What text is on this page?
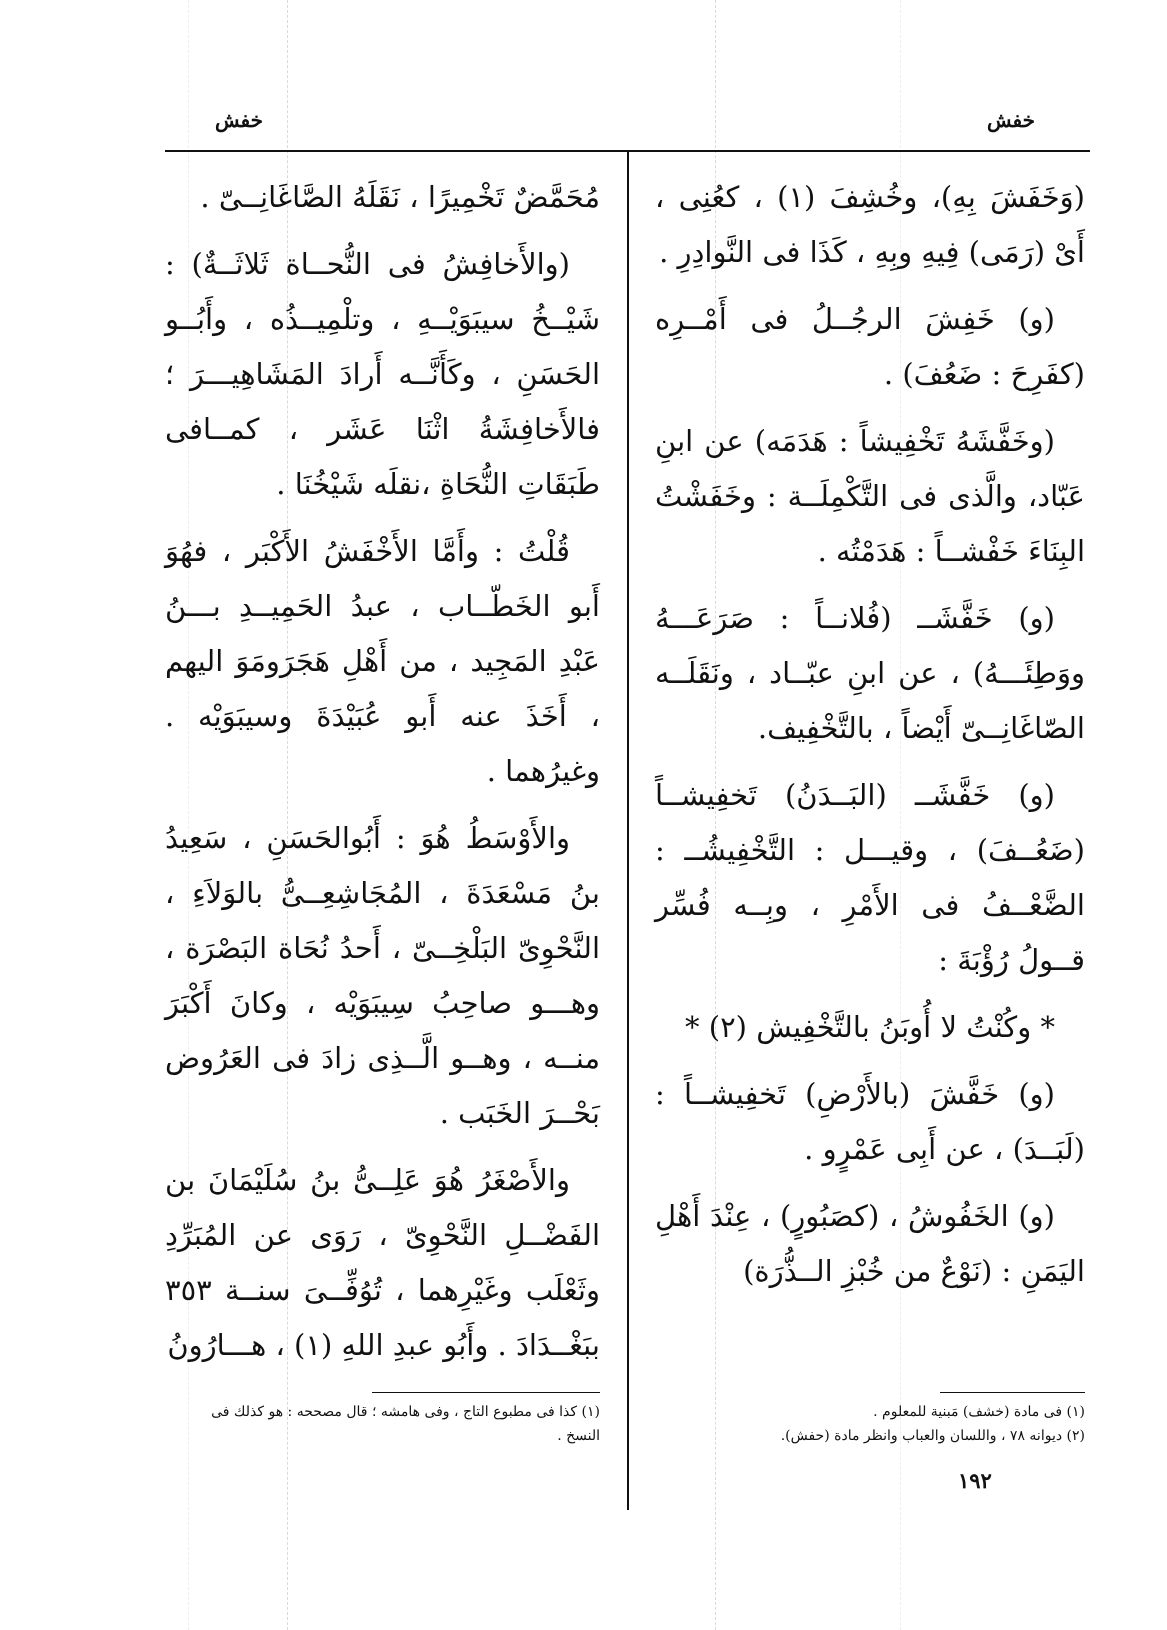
خفش
خفش

(وَخَفَشَ بِهِ)، وخُشِفَ (١) ، كعُنِى ، أَىْ (رَمَى) فِيهِ وبِهِ ، كَذَا فى النَّوادِرِ .

(و) خَفِشَ الرجُــلُ فى أَمْــرِه (كفَرِحَ : ضَعُفَ) .

(وخَفَّشَهُ تَخْفِيشاً : هَدَمَه) عن ابنِ عَبّاد، والَّذى فى التَّكْمِلَــة : وخَفَشْتُ البِنَاءَ خَفْشــاً : هَدَمْتُه .

(و) خَفَّشَــ (فُلانــاً : صَرَعَـــهُ ووَطِئَـــهُ) ، عن ابنِ عبّــاد ، ونَقَلَــه الصّاغَانِــىّ أَيْضاً ، بالتَّخْفِيف.

(و) خَفَّشَــ (البَــدَنُ) تَخفِيشــاً (ضَعُــفَ) ، وقيـــل : التَّخْفِيشُــ : الضَّعْــفُ فى الأَمْرِ ، وبِــه فُسِّر قــولُ رُؤْبَةَ :

* وكُنْتُ لا أُوبَنُ بالتَّخْفِيش (٢) *

(و) خَفَّشَ (بالأَرْضِ) تَخفِيشــاً : (لَبَــدَ) ، عن أَبِى عَمْرٍو .

(و) الخَفُوشُ ، (كصَبُورٍ) ، عِنْدَ أَهْلِ اليَمَنِ : (نَوْعٌ من خُبْزِ الــذُّرَة)

مُحَمَّضٌ تَخْمِيرًا ، نَقَلَهُ الصَّاغَانِــىّ .

(والأَخافِشُ فى النُّحــاة ثَلاثَــةٌ) : شَيْــخُ سيبَوَيْــهِ ، وتلْمِيــذُه ، وأَبُــو الحَسَنِ ، وكَأَنَّــه أَرادَ المَشَاهِيـــرَ ؛ فالأَخافِشَةُ اثْنَا عَشَر ، كمــافى طَبَقَاتِ النُّحَاةِ ،نقلَه شَيْخُنَا .

قُلْتُ : وأَمَّا الأَخْفَشُ الأَكْبَر ، فهُوَ أَبو الخَطّــاب ، عبدُ الحَمِيــدِ بـــنُ عَبْدِ المَجِيد ، من أَهْلِ هَجَرَومَوَ اليهم ، أَخَذَ عنه أَبو عُبَيْدَةَ وسيبَوَيْه . وغيرُهما .

والأَوْسَطُ هُوَ : أَبُوالحَسَنِ ، سَعِيدُ بنُ مَسْعَدَةَ ، المُجَاشِعِــىُّ بالوَلاَءِ ، النَّحْوِىّ البَلْخِــىّ ، أَحدُ نُحَاة البَصْرَة ، وهـــو صاحِبُ سِيبَوَيْه ، وكانَ أَكْبَرَ منــه ، وهــو الَّــذِى زادَ فى العَرُوض بَحْــرَ الخَبَب .

والأَصْغَرُ هُوَ عَلِــىُّ بنُ سُلَيْمَانَ بن الفَضْــلِ النَّحْوِىّ ، رَوَى عن المُبَرِّدِ وثَعْلَب وغَيْرِهما ، تُوُفِّــىَ سنــة ٣٥٣ ببَغْــدَادَ . وأَبُو عبدِ اللهِ (١) ، هـــارُونُ

(١) فى مادة (خشف) مَبنية للمعلوم .
(٢) ديوانه ٧٨ ، واللسان والعباب وانظر مادة (حفش).
(١) كذا فى مطبوع التاج ، وفى هامشه ؛ قال مصححه : هو كذلك فى النسخ .
١٩٢
